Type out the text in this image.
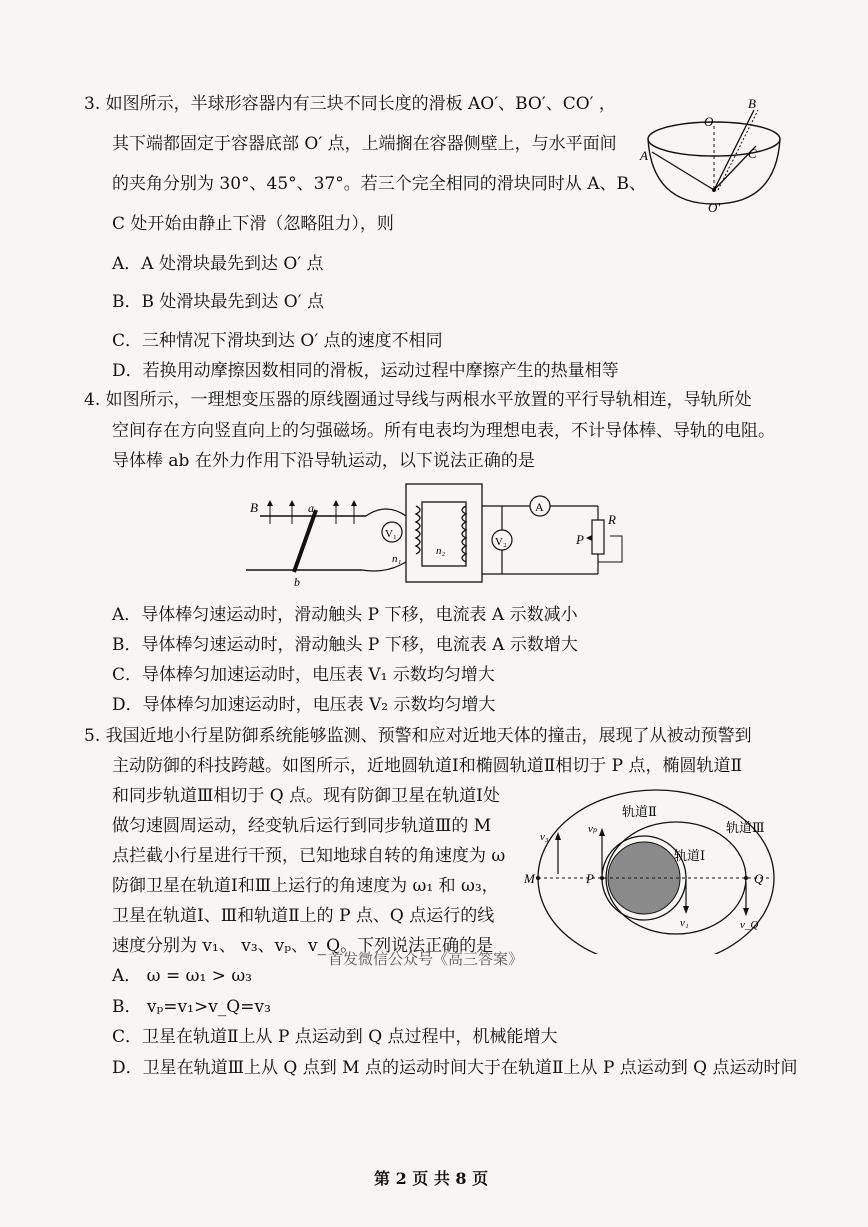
3. 如图所示，半球形容器内有三块不同长度的滑板 AO′、BO′、CO′ ，
其下端都固定于容器底部 O′ 点，上端搁在容器侧壁上，与水平面间
的夹角分别为 30°、45°、37°。若三个完全相同的滑块同时从 A、B、
C 处开始由静止下滑（忽略阻力），则
A．A 处滑块最先到达 O′ 点
B．B 处滑块最先到达 O′ 点
C．三种情况下滑块到达 O′ 点的速度不相同
D．若换用动摩擦因数相同的滑板，运动过程中摩擦产生的热量相等
O
A
B
C
O′
4. 如图所示，一理想变压器的原线圈通过导线与两根水平放置的平行导轨相连，导轨所处
空间存在方向竖直向上的匀强磁场。所有电表均为理想电表，不计导体棒、导轨的电阻。
导体棒 ab 在外力作用下沿导轨运动，以下说法正确的是
V₁
n₁
n₂
A
V₂
R
P
B	a
b
A．导体棒匀速运动时，滑动触头 P 下移，电流表 A 示数减小
B．导体棒匀速运动时，滑动触头 P 下移，电流表 A 示数增大
C．导体棒匀加速运动时，电压表 V₁ 示数均匀增大
D．导体棒匀加速运动时，电压表 V₂ 示数均匀增大
5. 我国近地小行星防御系统能够监测、预警和应对近地天体的撞击，展现了从被动预警到
主动防御的科技跨越。如图所示，近地圆轨道Ⅰ和椭圆轨道Ⅱ相切于 P 点，椭圆轨道Ⅱ
和同步轨道Ⅲ相切于 Q 点。现有防御卫星在轨道Ⅰ处
做匀速圆周运动，经变轨后运行到同步轨道Ⅲ的 M
点拦截小行星进行干预，已知地球自转的角速度为 ω
防御卫星在轨道Ⅰ和Ⅲ上运行的角速度为 ω₁ 和 ω₃，
卫星在轨道Ⅰ、Ⅲ和轨道Ⅱ上的 P 点、Q 点运行的线
速度分别为 v₁、 v₃、vₚ、v_Q。下列说法正确的是
A． ω = ω₁ > ω₃
B． vₚ=v₁>v_Q=v₃
C．卫星在轨道Ⅱ上从 P 点运动到 Q 点过程中，机械能增大
D．卫星在轨道Ⅲ上从 Q 点到 M 点的运动时间大于在轨道Ⅱ上从 P 点运动到 Q 点运动时间
首发微信公众号《高三答案》
轨道Ⅱ
轨道Ⅲ
轨道Ⅰ
M	P	Q
vₚ
v₃
v₁	v_Q
第 2 页 共 8 页
